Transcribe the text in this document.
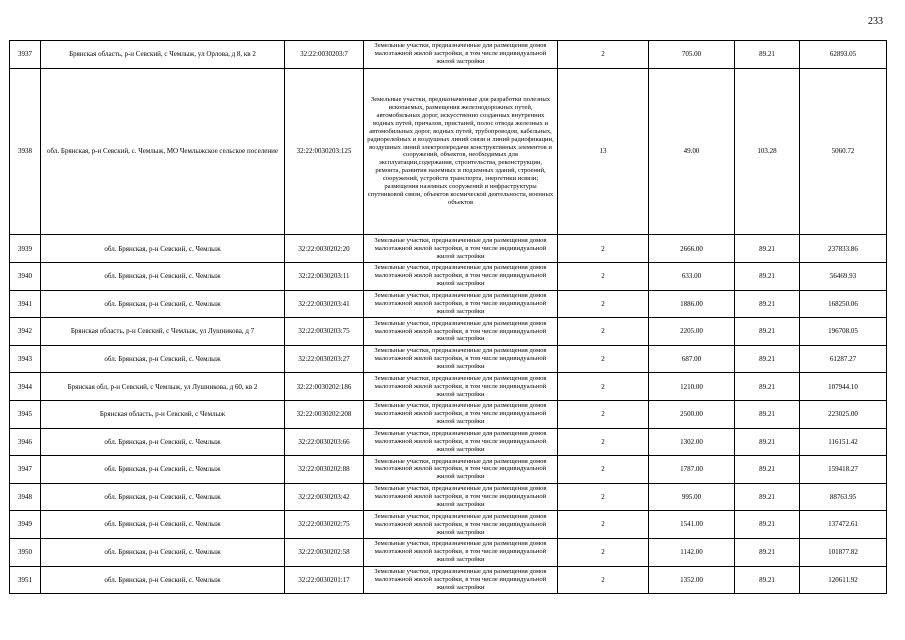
233
3937	Брянская область, р-н Севский, с Чемлыж, ул Орлова, д 8, кв 2	32:22:0030203:7	Земельные участки, предназначенные для размещения домов малоэтажной жилой застройки, в том числе индивидуальной жилой застройки	2	705.00	89.21	62893.05
3938	обл. Брянская, р-н Севский, с. Чемлыж, МО Чемлыжское сельское поселение	32:22:0030203:125	Земельные участки, предназначенные для разработки полезных ископаемых, размещения железнодорожных путей, автомобильных дорог, искусственно созданных внутренних водных путей, причалов, пристаней, полос отвода железных и автомобильных дорог, водных путей, трубопроводов, кабельных, радиорелейных и воздушных линий связи и линий радиофикации, воздушных линий электропередачи конструктивных элементов и сооружений, объектов, необходимых для эксплуатации,содержания, строительства, реконструкции, ремонта, развития наземных и подземных зданий, строений, сооружений, устройств транспорта, энергетики исвязи; размещения наземных сооружений и инфраструктуры спутниковой связи, объектов космической деятельности, военных объектов	13	49.00	103.28	5060.72
3939	обл. Брянская, р-н Севский, с. Чемлыж	32:22:0030202:20	Земельные участки, предназначенные для размещения домов малоэтажной жилой застройки, в том числе индивидуальной жилой застройки	2	2666.00	89.21	237833.86
3940	обл. Брянская, р-н Севский, с. Чемлыж	32:22:0030203:11	Земельные участки, предназначенные для размещения домов малоэтажной жилой застройки, в том числе индивидуальной жилой застройки	2	633.00	89.21	56469.93
3941	обл. Брянская, р-н Севский, с. Чемлыж	32:22:0030203:41	Земельные участки, предназначенные для размещения домов малоэтажной жилой застройки, в том числе индивидуальной жилой застройки	2	1886.00	89.21	168250.06
3942	Брянская область, р-н Севский, с Чемлыж, ул Лушникова, д 7	32:22:0030203:75	Земельные участки, предназначенные для размещения домов малоэтажной жилой застройки, в том числе индивидуальной жилой застройки	2	2205.00	89.21	196708.05
3943	обл. Брянская, р-н Севский, с. Чемлыж	32:22:0030203:27	Земельные участки, предназначенные для размещения домов малоэтажной жилой застройки, в том числе индивидуальной жилой застройки	2	687.00	89.21	61287.27
3944	Брянская обл, р-н Севский, с Чемлыж, ул Лушникова, д 60, кв 2	32:22:0030202:186	Земельные участки, предназначенные для размещения домов малоэтажной жилой застройки, в том числе индивидуальной жилой застройки	2	1210.00	89.21	107944.10
3945	Брянская область, р-н Севский, с Чемлыж	32:22:0030202:208	Земельные участки, предназначенные для размещения домов малоэтажной жилой застройки, в том числе индивидуальной жилой застройки	2	2500.00	89.21	223025.00
3946	обл. Брянская, р-н Севский, с. Чемлыж	32:22:0030203:66	Земельные участки, предназначенные для размещения домов малоэтажной жилой застройки, в том числе индивидуальной жилой застройки	2	1302.00	89.21	116151.42
3947	обл. Брянская, р-н Севский, с. Чемлыж	32:22:0030202:88	Земельные участки, предназначенные для размещения домов малоэтажной жилой застройки, в том числе индивидуальной жилой застройки	2	1787.00	89.21	159418.27
3948	обл. Брянская, р-н Севский, с. Чемлыж	32:22:0030203:42	Земельные участки, предназначенные для размещения домов малоэтажной жилой застройки, в том числе индивидуальной жилой застройки	2	995.00	89.21	88763.95
3949	обл. Брянская, р-н Севский, с. Чемлыж	32:22:0030202:75	Земельные участки, предназначенные для размещения домов малоэтажной жилой застройки, в том числе индивидуальной жилой застройки	2	1541.00	89.21	137472.61
3950	обл. Брянская, р-н Севский, с. Чемлыж	32:22:0030202:58	Земельные участки, предназначенные для размещения домов малоэтажной жилой застройки, в том числе индивидуальной жилой застройки	2	1142.00	89.21	101877.82
3951	обл. Брянская, р-н Севский, с. Чемлыж	32:22:0030201:17	Земельные участки, предназначенные для размещения домов малоэтажной жилой застройки, в том числе индивидуальной жилой застройки	2	1352.00	89.21	120611.92
